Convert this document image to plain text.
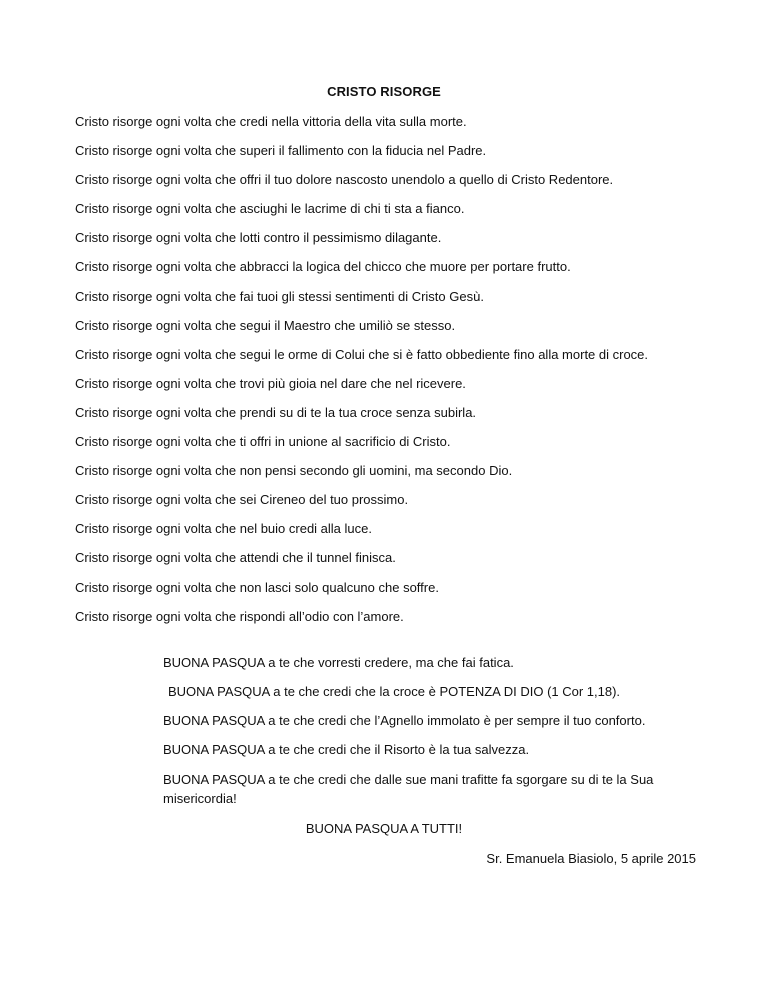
CRISTO RISORGE
Cristo risorge ogni volta che credi nella vittoria della vita sulla morte.
Cristo risorge ogni volta che superi il fallimento con la fiducia nel Padre.
Cristo risorge ogni volta che offri il tuo dolore nascosto unendolo a quello di Cristo Redentore.
Cristo risorge ogni volta che asciughi le lacrime di chi ti sta a fianco.
Cristo risorge ogni volta che lotti contro il pessimismo dilagante.
Cristo risorge ogni volta che abbracci la logica del chicco che muore per portare frutto.
Cristo risorge ogni volta che fai tuoi gli stessi sentimenti di Cristo Gesù.
Cristo risorge ogni volta che segui il Maestro che umiliò se stesso.
Cristo risorge ogni volta che segui le orme di Colui che si è fatto obbediente fino alla morte di croce.
Cristo risorge ogni volta che trovi più gioia nel dare che nel ricevere.
Cristo risorge ogni volta che prendi su di te la tua croce senza subirla.
Cristo risorge ogni volta che ti offri in unione al sacrificio di Cristo.
Cristo risorge ogni volta che non pensi secondo gli uomini, ma secondo Dio.
Cristo risorge ogni volta che sei Cireneo del tuo prossimo.
Cristo risorge ogni volta che nel buio credi alla luce.
Cristo risorge ogni volta che attendi che il tunnel finisca.
Cristo risorge ogni volta che non lasci solo qualcuno che soffre.
Cristo risorge ogni volta che rispondi all’odio con l’amore.
BUONA PASQUA a te che vorresti credere, ma che fai fatica.
BUONA PASQUA a te che credi che la croce è POTENZA DI DIO (1 Cor 1,18).
BUONA PASQUA a te che credi che l’Agnello immolato è per sempre il tuo conforto.
BUONA PASQUA a te che credi che il Risorto è la tua salvezza.
BUONA PASQUA a te che credi che dalle sue mani trafitte fa sgorgare su di te la Sua misericordia!
BUONA PASQUA A TUTTI!
Sr. Emanuela Biasiolo, 5 aprile 2015
